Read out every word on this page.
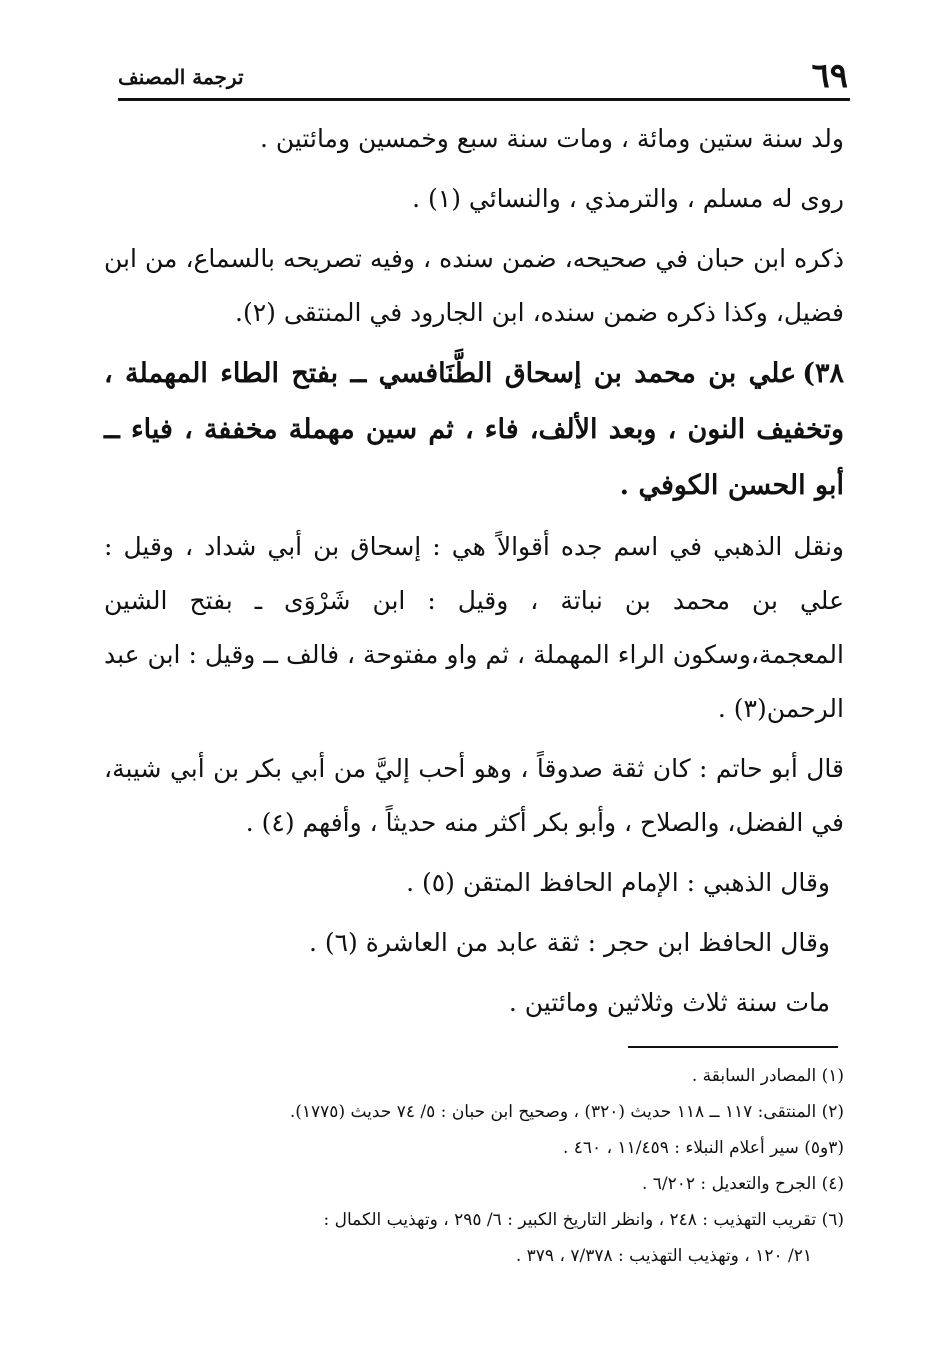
٦٩
ترجمة المصنف

ولد سنة ستين ومائة ، ومات سنة سبع وخمسين ومائتين .

روى له مسلم ، والترمذي ، والنسائي (١) .

ذكره ابن حبان في صحيحه، ضمن سنده ، وفيه تصريحه بالسماع، من ابن فضيل، وكذا ذكره ضمن سنده، ابن الجارود في المنتقى (٢).

٣٨)علي بن محمد بن إسحاق الطَّنَافسي ــ بفتح الطاء المهملة ، وتخفيف النون ، وبعد الألف، فاء ، ثم سين مهملة مخففة ، فياء ــ أبو الحسن الكوفي .

ونقل الذهبي في اسم جده أقوالاً هي : إسحاق بن أبي شداد ، وقيل : علي بن محمد بن نباتة ، وقيل : ابن شَرْوَى ـ بفتح الشين المعجمة،وسكون الراء المهملة ، ثم واو مفتوحة ، فالف ــ وقيل : ابن عبد الرحمن(٣) .

قال أبو حاتم : كان ثقة صدوقاً ، وهو أحب إليَّ من أبي بكر بن أبي شيبة، في الفضل، والصلاح ، وأبو بكر أكثر منه حديثاً ، وأفهم (٤) .

وقال الذهبي : الإمام الحافظ المتقن (٥) .

وقال الحافظ ابن حجر : ثقة عابد من العاشرة (٦) .

مات سنة ثلاث وثلاثين ومائتين .

(١) المصادر السابقة .

(٢) المنتقى: ١١٧ ــ ١١٨ حديث (٣٢٠) ، وصحيح ابن حبان : ٥/ ٧٤ حديث (١٧٧٥).

(٣و٥) سير أعلام النبلاء : ١١/٤٥٩ ، ٤٦٠ .

(٤) الجرح والتعديل : ٦/٢٠٢ .

(٦) تقريب التهذيب : ٢٤٨ ، وانظر التاريخ الكبير : ٦/ ٢٩٥ ، وتهذيب الكمال :

٢١/ ١٢٠ ، وتهذيب التهذيب : ٧/٣٧٨ ، ٣٧٩ .
